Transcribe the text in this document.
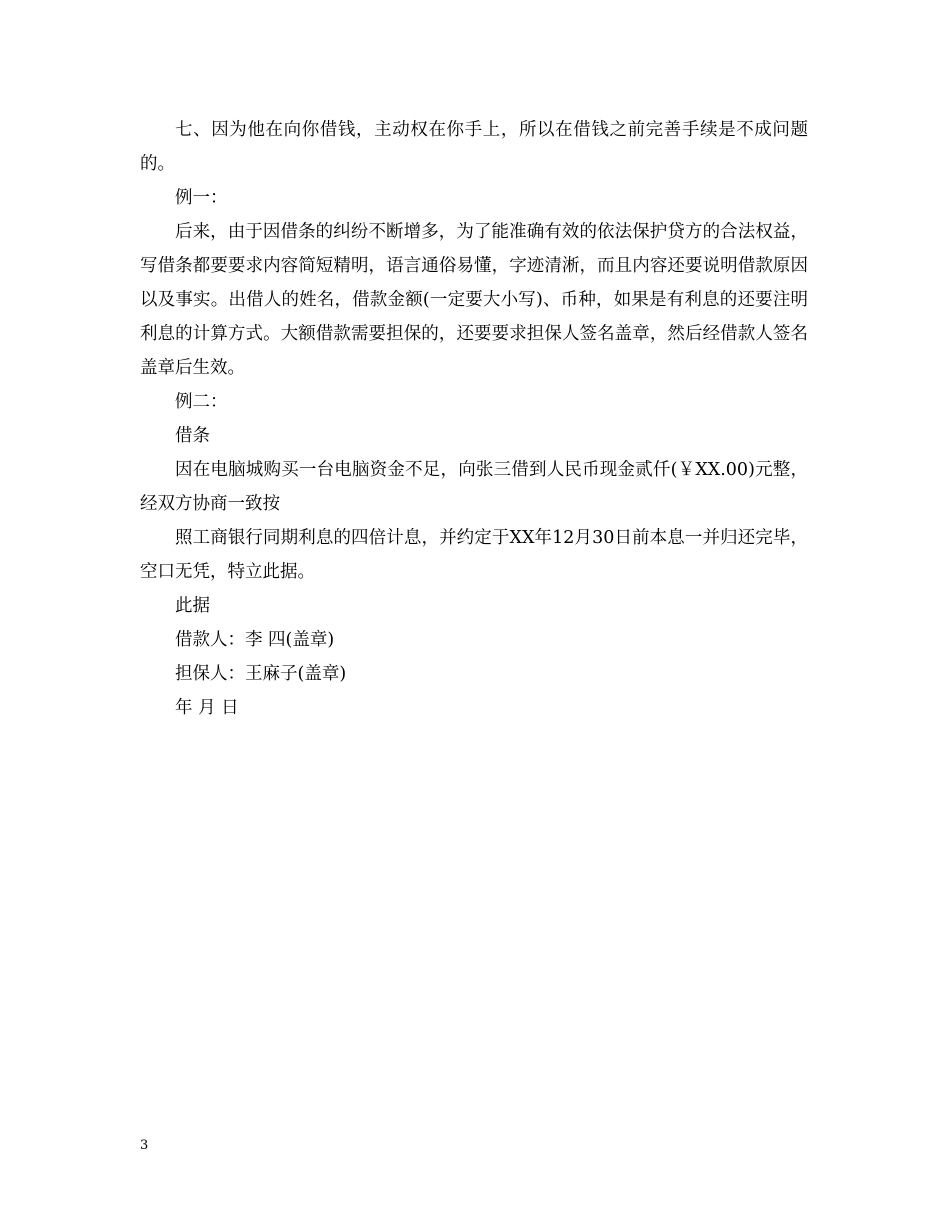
七、因为他在向你借钱，主动权在你手上，所以在借钱之前完善手续是不成问题的。

例一：

后来，由于因借条的纠纷不断增多，为了能准确有效的依法保护贷方的合法权益，写借条都要要求内容简短精明，语言通俗易懂，字迹清淅，而且内容还要说明借款原因以及事实。出借人的姓名，借款金额(一定要大小写)、币种，如果是有利息的还要注明利息的计算方式。大额借款需要担保的，还要要求担保人签名盖章，然后经借款人签名盖章后生效。

例二：

借条

因在电脑城购买一台电脑资金不足，向张三借到人民币现金贰仟(￥XX.00)元整，经双方协商一致按

照工商银行同期利息的四倍计息，并约定于XX年12月30日前本息一并归还完毕，空口无凭，特立此据。

此据

借款人：李 四(盖章)

担保人：王麻子(盖章)

年 月 日

3
